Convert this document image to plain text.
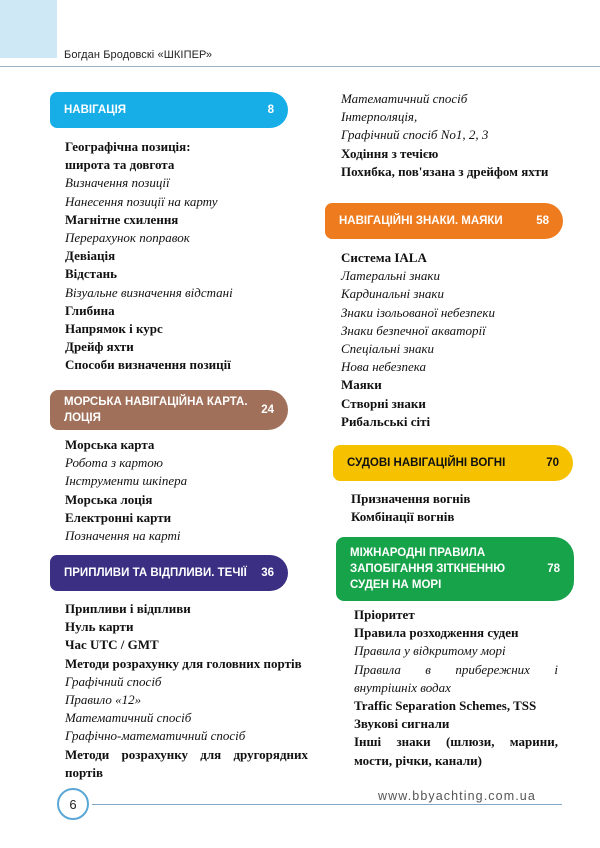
Богдан Бродовскі «ШКІПЕР»
НАВІГАЦІЯ	8
Географічна позиція:
широта та довгота
Визначення позиції
Нанесення позиції на карту
Магнітне схилення
Перерахунок поправок
Девіація
Відстань
Візуальне визначення відстані
Глибина
Напрямок і курс
Дрейф яхти
Способи визначення позиції
МОРСЬКА НАВІГАЦІЙНА КАРТА.
ЛОЦІЯ
24
Морська карта
Робота з картою
Інструменти шкіпера
Морська лоція
Електронні карти
Позначення на карті
ПРИПЛИВИ ТА ВІДПЛИВИ. ТЕЧІЇ 36
Припливи і відпливи
Нуль карти
Час UTC / GMT
Методи розрахунку для головних портів
Графічний спосіб
Правило «12»
Математичний спосіб
Графічно-математичний спосіб
Методи розрахунку для другорядних портів
Математичний спосіб
Інтерполяція,
Графічний спосіб No1, 2, 3
Ходіння з течією
Похибка, пов'язана з дрейфом яхти
НАВІГАЦІЙНІ ЗНАКИ. МАЯКИ	58
Система IALA
Латеральні знаки
Кардинальні знаки
Знаки ізольованої небезпеки
Знаки безпечної акваторії
Спеціальні знаки
Нова небезпека
Маяки
Створні знаки
Рибальські сіті
СУДОВІ НАВІГАЦІЙНІ ВОГНІ	70
Призначення вогнів
Комбінації вогнів
МІЖНАРОДНІ ПРАВИЛА
ЗАПОБІГАННЯ ЗІТКНЕННЮ
СУДЕН НА МОРІ
78
Пріоритет
Правила розходження суден
Правила у відкритому морі
Правила в прибережних і внутрішніх водах
Traffic Separation Schemes, TSS
Звукові сигнали
Інші знаки (шлюзи, марини, мости, річки, канали)
6
www.bbyachting.com.ua
